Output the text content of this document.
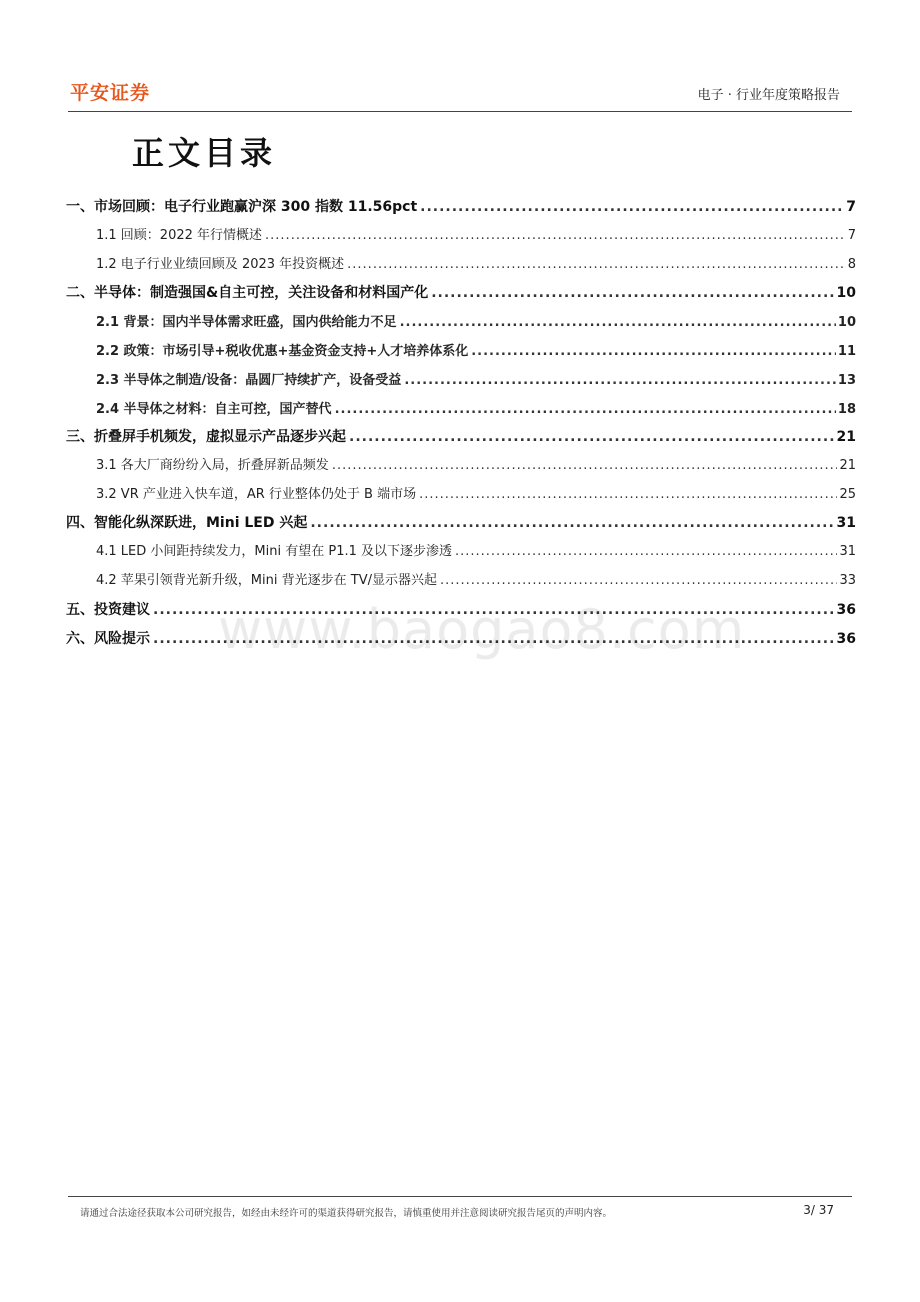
平安证券	电子 · 行业年度策略报告
正文目录
一、市场回顾：电子行业跑赢沪深 300 指数 11.56pct .....	7
1.1 回顾：2022 年行情概述 .....	7
1.2 电子行业业绩回顾及 2023 年投资概述 .....	8
二、半导体：制造强国&自主可控，关注设备和材料国产化 .....	10
2.1 背景：国内半导体需求旺盛，国内供给能力不足 .....	10
2.2 政策：市场引导+税收优惠+基金资金支持+人才培养体系化 .....	11
2.3 半导体之制造/设备：晶圆厂持续扩产，设备受益 .....	13
2.4 半导体之材料：自主可控，国产替代 .....	18
三、折叠屏手机频发，虚拟显示产品逐步兴起 .....	21
3.1 各大厂商纷纷入局，折叠屏新品频发 .....	21
3.2 VR 产业进入快车道，AR 行业整体仍处于 B 端市场 .....	25
四、智能化纵深跃进，Mini LED 兴起 .....	31
4.1 LED 小间距持续发力，Mini 有望在 P1.1 及以下逐步渗透 .....	31
4.2 苹果引领背光新升级，Mini 背光逐步在 TV/显示器兴起 .....	33
五、投资建议 .....	36
六、风险提示 .....	36
www.baogao8.com
请通过合法途径获取本公司研究报告，如经由未经许可的渠道获得研究报告，请慎重使用并注意阅读研究报告尾页的声明内容。	3/ 37
